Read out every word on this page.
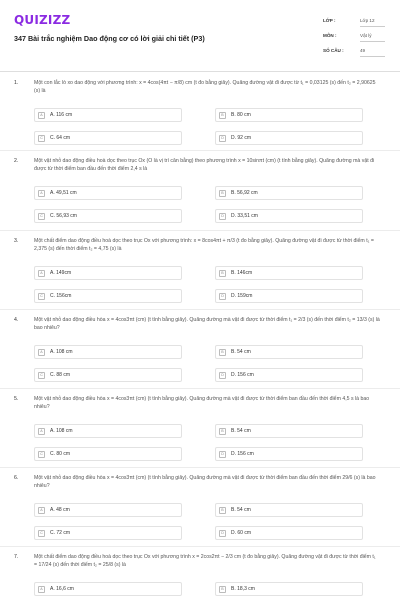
QUIZIZZ
347 Bài trắc nghiệm Dao động cơ có lời giải chi tiết (P3)
LỚP :	Lớp 12
MÔN :	Vật lý
SỐ CÂU :	49
1.	Một con lắc lò xo dao động với phương trình: x = 4cos(4πt − π/8) cm (t đo bằng giây). Quãng đường vật đi được từ t₁ = 0,03125 (s) đến t₂ = 2,90625 (s) là
A	A. 116 cm	B	B. 80 cm
C	C. 64 cm	D	D. 92 cm
2.	Một vật nhỏ dao động điều hoà dọc theo trục Ox (O là vị trí cân bằng) theo phương trình x = 10sinπt (cm) (t tính bằng giây). Quãng đường mà vật đi được từ thời điểm ban đầu đến thời điểm 2,4 s là
A	A. 49,51 cm	B	B. 56,92 cm
C	C. 56,93 cm	D	D. 33,51 cm
3.	Một chất điểm dao động điều hoà dọc theo trục Ox với phương trình: x = 8cos4πt + π/3 (t đo bằng giây). Quãng đường vật đi được từ thời điểm t₁ = 2,375 (s) đến thời điểm t₂ = 4,75 (s) là
A	A. 149cm	B	B. 146cm
C	C. 156cm	D	D. 159cm
4.	Một vật nhỏ dao động điều hòa x = 4cos3πt (cm) (t tính bằng giây). Quãng đường mà vật đi được từ thời điểm t₁ = 2/3 (s) đến thời điểm t₂ = 13/3 (s) là bao nhiêu?
A	A. 108 cm	B	B. 54 cm
C	C. 88 cm	D	D. 156 cm
5.	Một vật nhỏ dao động điều hòa x = 4cos3πt (cm) (t tính bằng giây). Quãng đường mà vật đi được từ thời điểm ban đầu đến thời điểm 4,5 s là bao nhiêu?
A	A. 108 cm	B	B. 54 cm
C	C. 80 cm	D	D. 156 cm
6.	Một vật nhỏ dao động điều hòa x = 4cos3πt (cm) (t tính bằng giây). Quãng đường mà vật đi được từ thời điểm ban đầu đến thời điểm 29/6 (s) là bao nhiêu?
A	A. 48 cm	B	B. 54 cm
C	C. 72 cm	D	D. 60 cm
7.	Một chất điểm dao động điều hoà dọc theo trục Ox với phương trình x = 2cos2πt − 2/3 cm (t đo bằng giây). Quãng đường vật đi được từ thời điểm t₁ = 17/24 (s) đến thời điểm t₂ = 25/8 (s) là
A	A. 16,6 cm	B	B. 18,3 cm
